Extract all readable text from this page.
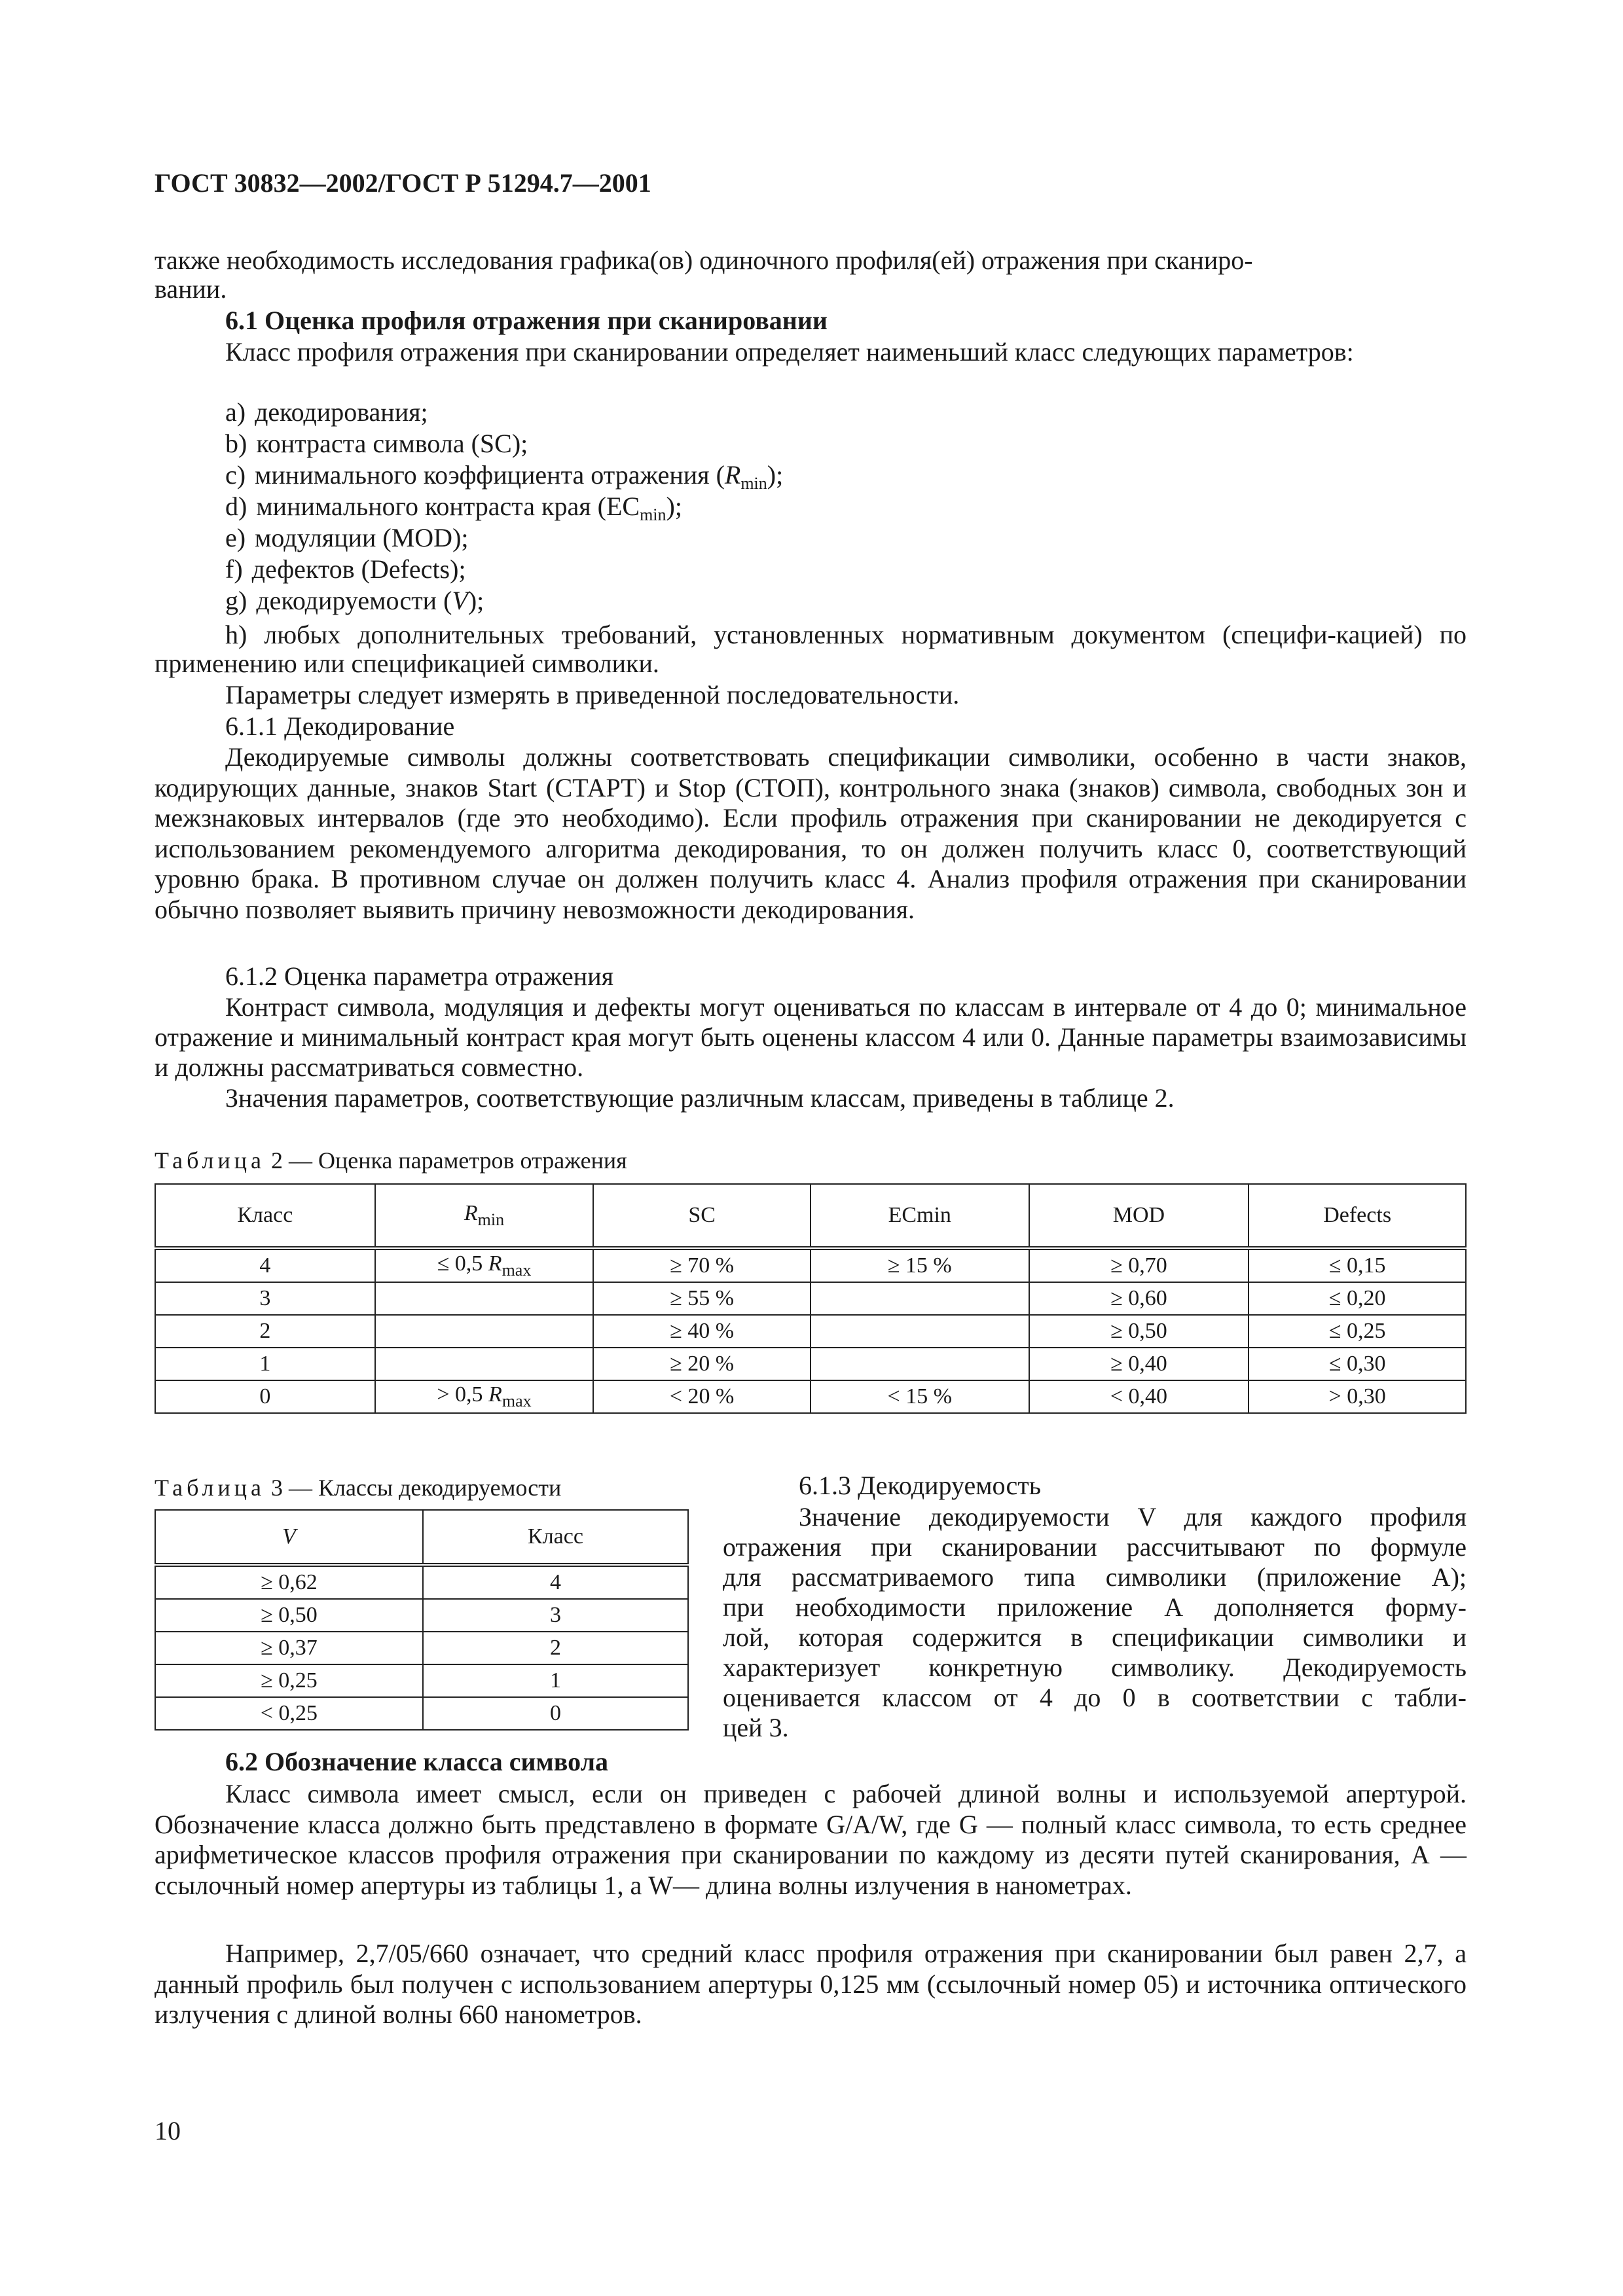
ГОСТ 30832—2002/ГОСТ Р 51294.7—2001
также необходимость исследования графика(ов) одиночного профиля(ей) отражения при сканиро-
вании.
6.1 Оценка профиля отражения при сканировании
Класс профиля отражения при сканировании определяет наименьший класс следующих параметров:
a) декодирования;
b) контраста символа (SC);
c) минимального коэффициента отражения $(R_{min})$;
d) минимального контраста края $(EC_{min})$;
e) модуляции (MOD);
f) дефектов (Defects);
g) декодируемости (V);
h) любых дополнительных требований, установленных нормативным документом (специфи-кацией) по применению или спецификацией символики.
Параметры следует измерять в приведенной последовательности.
6.1.1 Декодирование
Декодируемые символы должны соответствовать спецификации символики, особенно в части знаков, кодирующих данные, знаков Start (СТАРТ) и Stop (СТОП), контрольного знака (знаков) символа, свободных зон и межзнаковых интервалов (где это необходимо). Если профиль отражения при сканировании не декодируется с использованием рекомендуемого алгоритма декодирования, то он должен получить класс 0, соответствующий уровню брака. В противном случае он должен получить класс 4. Анализ профиля отражения при сканировании обычно позволяет выявить причину невозможности декодирования.
6.1.2 Оценка параметра отражения
Контраст символа, модуляция и дефекты могут оцениваться по классам в интервале от 4 до 0; минимальное отражение и минимальный контраст края могут быть оценены классом 4 или 0. Данные параметры взаимозависимы и должны рассматриваться совместно.
Значения параметров, соответствующие различным классам, приведены в таблице 2.
Таблица 2 — Оценка параметров отражения
Класс	$R_{min}$	SC	ECmin	MOD	Defects
4	≤ 0,5 $R_{max}$	≥ 70 %	≥ 15 %	≥ 0,70	≤ 0,15
3		≥ 55 %		≥ 0,60	≤ 0,20
2		≥ 40 %		≥ 0,50	≤ 0,25
1		≥ 20 %		≥ 0,40	≤ 0,30
0	> 0,5 $R_{max}$	< 20 %	< 15 %	< 0,40	> 0,30
Таблица 3 — Классы декодируемости
V	Класс
≥ 0,62	4
≥ 0,50	3
≥ 0,37	2
≥ 0,25	1
< 0,25	0
6.1.3 Декодируемость
Значение декодируемости V для каждого профиля
отражения при сканировании рассчитывают по формуле
для рассматриваемого типа символики (приложение А);
при необходимости приложение А дополняется форму-
лой, которая содержится в спецификации символики и
характеризует конкретную символику. Декодируемость
оценивается классом от 4 до 0 в соответствии с табли-
цей 3.
6.2 Обозначение класса символа
Класс символа имеет смысл, если он приведен с рабочей длиной волны и используемой апертурой. Обозначение класса должно быть представлено в формате G/A/W, где G — полный класс символа, то есть среднее арифметическое классов профиля отражения при сканировании по каждому из десяти путей сканирования, А — ссылочный номер апертуры из таблицы 1, а W— длина волны излучения в нанометрах.
Например, 2,7/05/660 означает, что средний класс профиля отражения при сканировании был равен 2,7, а данный профиль был получен с использованием апертуры 0,125 мм (ссылочный номер 05) и источника оптического излучения с длиной волны 660 нанометров.
10
